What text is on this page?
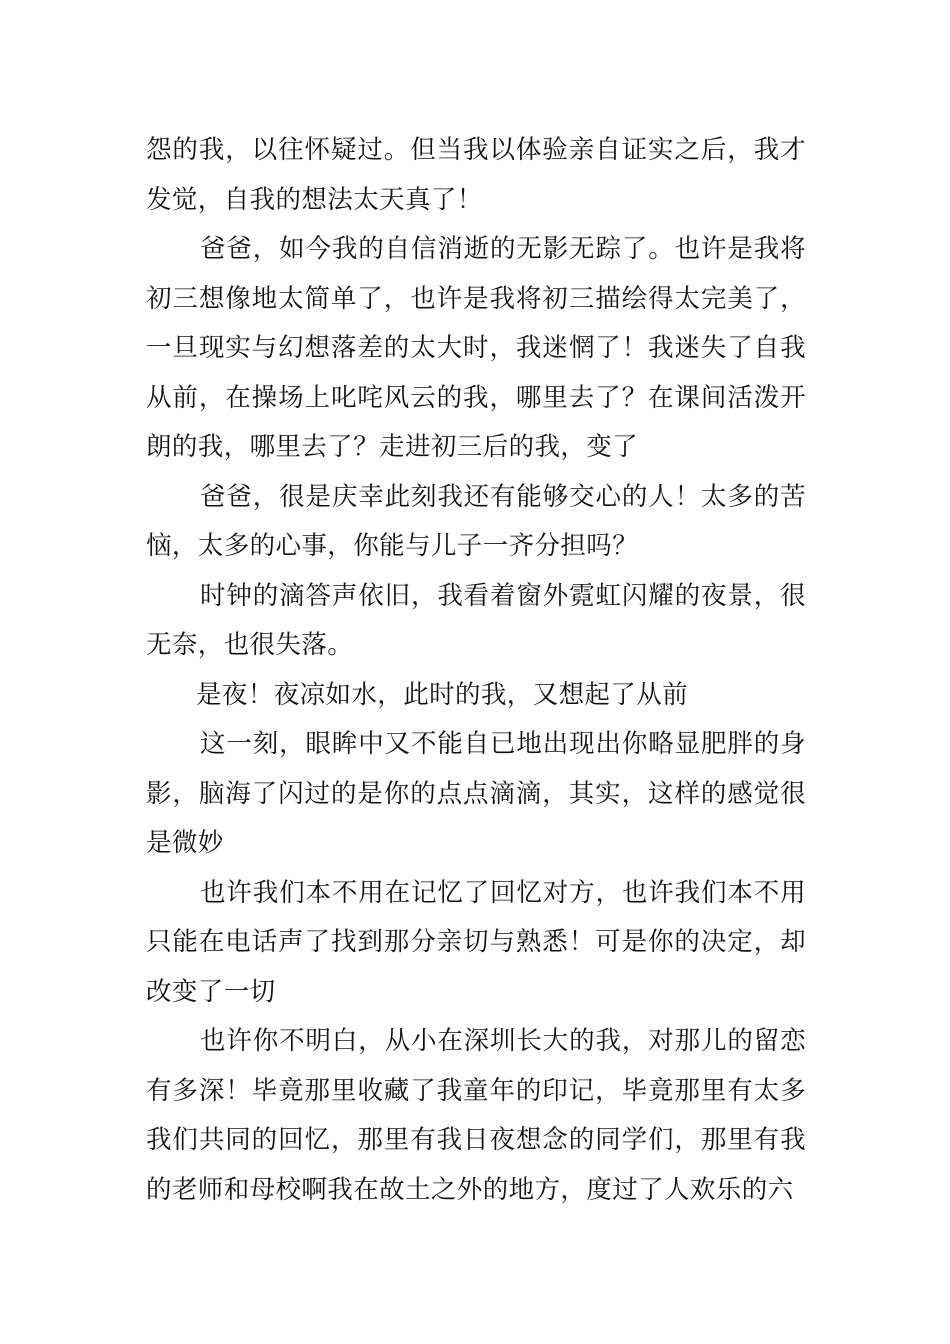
怨的我，以往怀疑过。但当我以体验亲自证实之后，我才发觉，自我的想法太天真了！

爸爸，如今我的自信消逝的无影无踪了。也许是我将初三想像地太简单了，也许是我将初三描绘得太完美了，一旦现实与幻想落差的太大时，我迷惘了！我迷失了自我从前，在操场上叱咤风云的我，哪里去了？在课间活泼开朗的我，哪里去了？走进初三后的我，变了

爸爸，很是庆幸此刻我还有能够交心的人！太多的苦恼，太多的心事，你能与儿子一齐分担吗？

时钟的滴答声依旧，我看着窗外霓虹闪耀的夜景，很无奈，也很失落。

是夜！夜凉如水，此时的我，又想起了从前

这一刻，眼眸中又不能自已地出现出你略显肥胖的身影，脑海了闪过的是你的点点滴滴，其实，这样的感觉很是微妙

也许我们本不用在记忆了回忆对方，也许我们本不用只能在电话声了找到那分亲切与熟悉！可是你的决定，却改变了一切

也许你不明白，从小在深圳长大的我，对那儿的留恋有多深！毕竟那里收藏了我童年的印记，毕竟那里有太多我们共同的回忆，那里有我日夜想念的同学们，那里有我的老师和母校啊我在故土之外的地方，度过了人欢乐的六
